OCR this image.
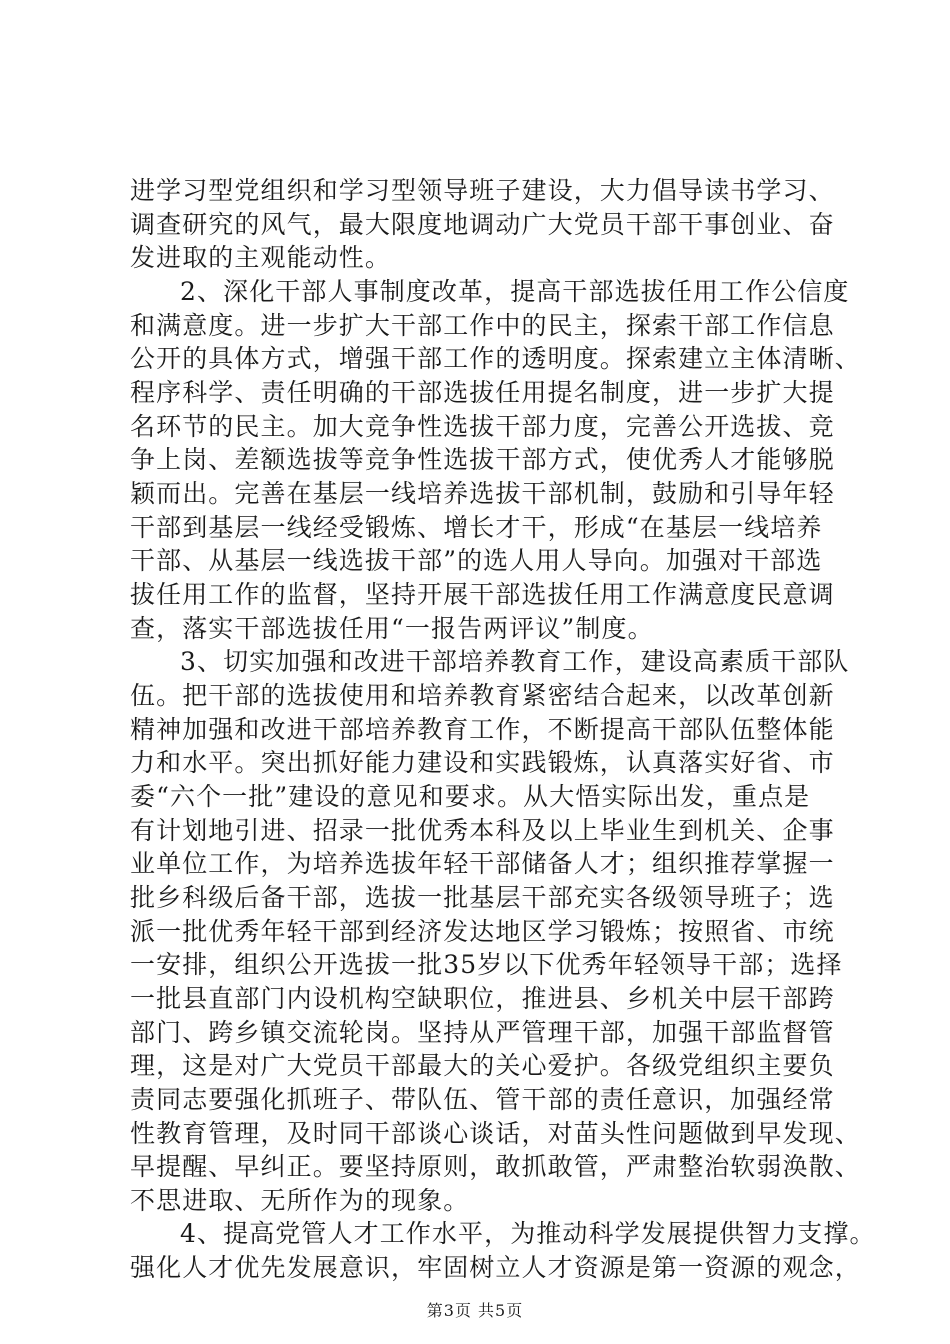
进学习型党组织和学习型领导班子建设，大力倡导读书学习、
调查研究的风气，最大限度地调动广大党员干部干事创业、奋
发进取的主观能动性。
2、深化干部人事制度改革，提高干部选拔任用工作公信度
和满意度。进一步扩大干部工作中的民主，探索干部工作信息
公开的具体方式，增强干部工作的透明度。探索建立主体清晰、
程序科学、责任明确的干部选拔任用提名制度，进一步扩大提
名环节的民主。加大竞争性选拔干部力度，完善公开选拔、竞
争上岗、差额选拔等竞争性选拔干部方式，使优秀人才能够脱
颖而出。完善在基层一线培养选拔干部机制，鼓励和引导年轻
干部到基层一线经受锻炼、增长才干，形成“在基层一线培养
干部、从基层一线选拔干部”的选人用人导向。加强对干部选
拔任用工作的监督，坚持开展干部选拔任用工作满意度民意调
查，落实干部选拔任用“一报告两评议”制度。
3、切实加强和改进干部培养教育工作，建设高素质干部队
伍。把干部的选拔使用和培养教育紧密结合起来，以改革创新
精神加强和改进干部培养教育工作，不断提高干部队伍整体能
力和水平。突出抓好能力建设和实践锻炼，认真落实好省、市
委“六个一批”建设的意见和要求。从大悟实际出发，重点是
有计划地引进、招录一批优秀本科及以上毕业生到机关、企事
业单位工作，为培养选拔年轻干部储备人才；组织推荐掌握一
批乡科级后备干部，选拔一批基层干部充实各级领导班子；选
派一批优秀年轻干部到经济发达地区学习锻炼；按照省、市统
一安排，组织公开选拔一批35岁以下优秀年轻领导干部；选择
一批县直部门内设机构空缺职位，推进县、乡机关中层干部跨
部门、跨乡镇交流轮岗。坚持从严管理干部，加强干部监督管
理，这是对广大党员干部最大的关心爱护。各级党组织主要负
责同志要强化抓班子、带队伍、管干部的责任意识，加强经常
性教育管理，及时同干部谈心谈话，对苗头性问题做到早发现、
早提醒、早纠正。要坚持原则，敢抓敢管，严肃整治软弱涣散、
不思进取、无所作为的现象。
4、提高党管人才工作水平，为推动科学发展提供智力支撑。
第3页 共5页
强化人才优先发展意识，牢固树立人才资源是第一资源的观念，
